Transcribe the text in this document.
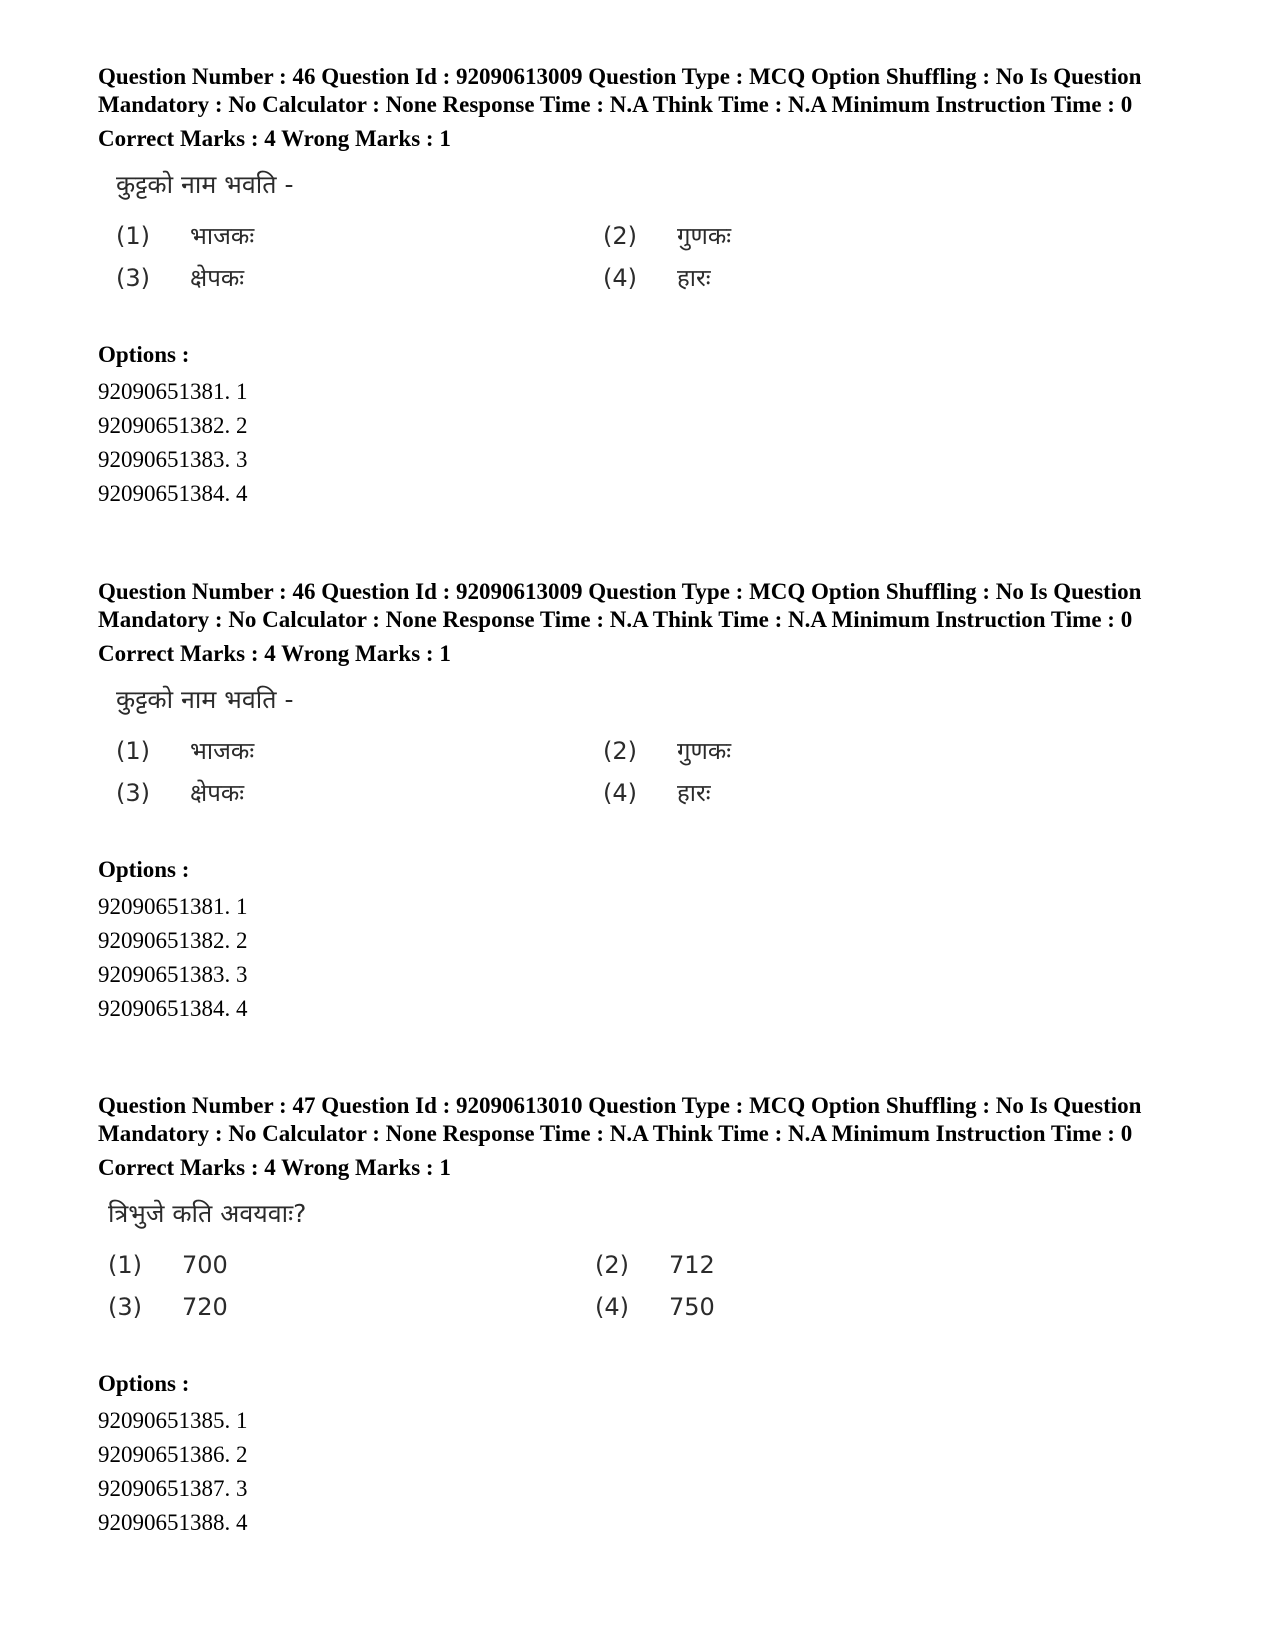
Question Number : 46 Question Id : 92090613009 Question Type : MCQ Option Shuffling : No Is Question Mandatory : No Calculator : None Response Time : N.A Think Time : N.A Minimum Instruction Time : 0

Correct Marks : 4 Wrong Marks : 1
कुट्टको नाम भवति -
(1) भाजकः	(2) गुणकः
(3) क्षेपकः	(4) हारः
Options :
92090651381. 1
92090651382. 2
92090651383. 3
92090651384. 4

Question Number : 46 Question Id : 92090613009 Question Type : MCQ Option Shuffling : No Is Question Mandatory : No Calculator : None Response Time : N.A Think Time : N.A Minimum Instruction Time : 0

Correct Marks : 4 Wrong Marks : 1
कुट्टको नाम भवति -
(1) भाजकः	(2) गुणकः
(3) क्षेपकः	(4) हारः
Options :
92090651381. 1
92090651382. 2
92090651383. 3
92090651384. 4

Question Number : 47 Question Id : 92090613010 Question Type : MCQ Option Shuffling : No Is Question Mandatory : No Calculator : None Response Time : N.A Think Time : N.A Minimum Instruction Time : 0

Correct Marks : 4 Wrong Marks : 1
त्रिभुजे कति अवयवाः?
(1) 700	(2) 712
(3) 720	(4) 750
Options :
92090651385. 1
92090651386. 2
92090651387. 3
92090651388. 4
